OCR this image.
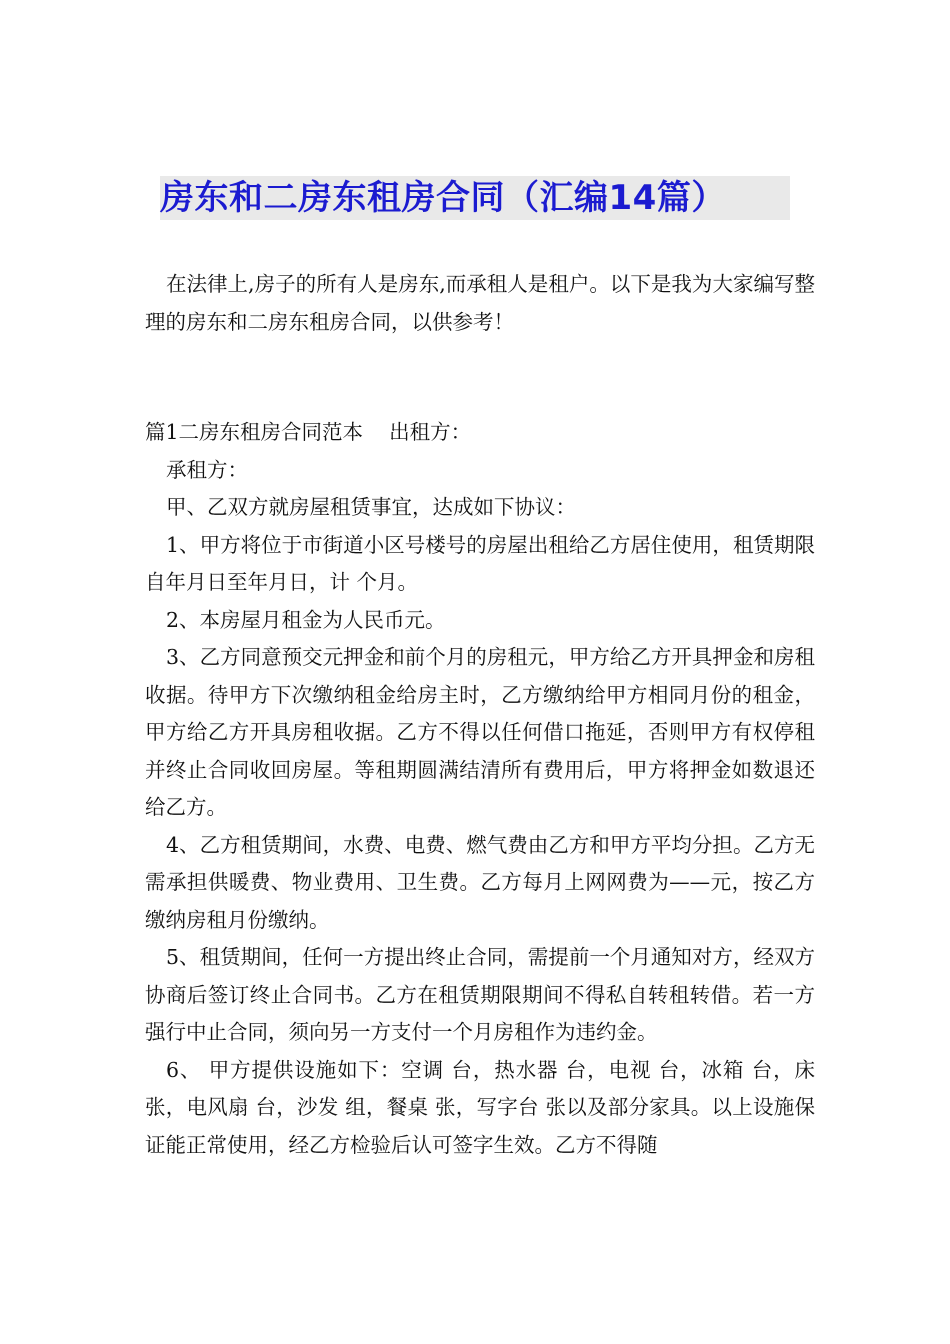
房东和二房东租房合同（汇编14篇）

在法律上,房子的所有人是房东,而承租人是租户。以下是我为大家编写整理的房东和二房东租房合同，以供参考！

篇1二房东租房合同范本    出租方：

承租方：

甲、乙双方就房屋租赁事宜，达成如下协议：

1、甲方将位于市街道小区号楼号的房屋出租给乙方居住使用，租赁期限自年月日至年月日，计 个月。

2、本房屋月租金为人民币元。

3、乙方同意预交元押金和前个月的房租元，甲方给乙方开具押金和房租收据。待甲方下次缴纳租金给房主时，乙方缴纳给甲方相同月份的租金，甲方给乙方开具房租收据。乙方不得以任何借口拖延，否则甲方有权停租并终止合同收回房屋。等租期圆满结清所有费用后，甲方将押金如数退还给乙方。

4、乙方租赁期间，水费、电费、燃气费由乙方和甲方平均分担。乙方无需承担供暖费、物业费用、卫生费。乙方每月上网网费为——元，按乙方缴纳房租月份缴纳。

5、租赁期间，任何一方提出终止合同，需提前一个月通知对方，经双方协商后签订终止合同书。乙方在租赁期限期间不得私自转租转借。若一方强行中止合同，须向另一方支付一个月房租作为违约金。

6、 甲方提供设施如下：空调 台，热水器 台，电视 台，冰箱 台，床 张，电风扇 台，沙发 组，餐桌 张，写字台 张以及部分家具。以上设施保证能正常使用，经乙方检验后认可签字生效。乙方不得随
